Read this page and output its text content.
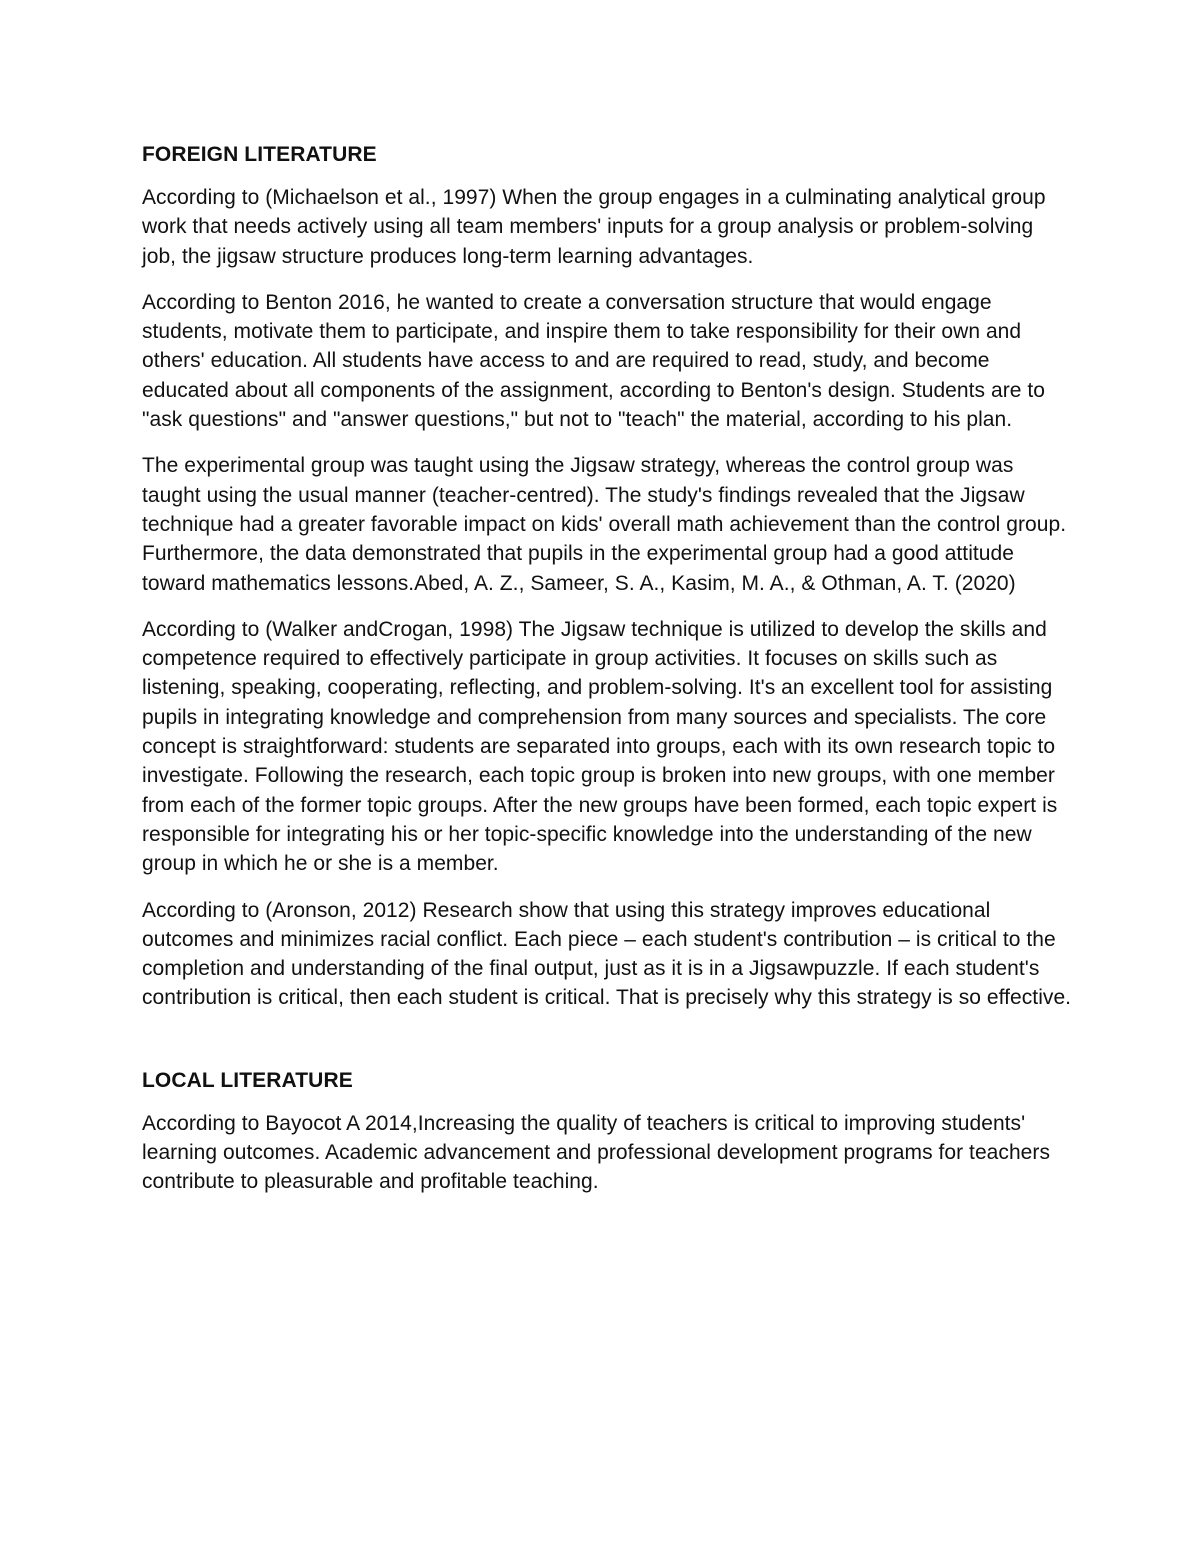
FOREIGN LITERATURE

According to (Michaelson et al., 1997) When the group engages in a culminating analytical group work that needs actively using all team members' inputs for a group analysis or problem-solving job, the jigsaw structure produces long-term learning advantages.

According to Benton 2016, he wanted to create a conversation structure that would engage students, motivate them to participate, and inspire them to take responsibility for their own and others' education. All students have access to and are required to read, study, and become educated about all components of the assignment, according to Benton's design. Students are to "ask questions" and "answer questions," but not to "teach" the material, according to his plan.

The experimental group was taught using the Jigsaw strategy, whereas the control group was taught using the usual manner (teacher-centred). The study's findings revealed that the Jigsaw technique had a greater favorable impact on kids' overall math achievement than the control group. Furthermore, the data demonstrated that pupils in the experimental group had a good attitude toward mathematics lessons.Abed, A. Z., Sameer, S. A., Kasim, M. A., & Othman, A. T. (2020)

According to (Walker andCrogan, 1998) The Jigsaw technique is utilized to develop the skills and competence required to effectively participate in group activities. It focuses on skills such as listening, speaking, cooperating, reflecting, and problem-solving. It's an excellent tool for assisting pupils in integrating knowledge and comprehension from many sources and specialists. The core concept is straightforward: students are separated into groups, each with its own research topic to investigate. Following the research, each topic group is broken into new groups, with one member from each of the former topic groups. After the new groups have been formed, each topic expert is responsible for integrating his or her topic-specific knowledge into the understanding of the new group in which he or she is a member.

According to (Aronson, 2012) Research show that using this strategy improves educational outcomes and minimizes racial conflict. Each piece – each student's contribution – is critical to the completion and understanding of the final output, just as it is in a Jigsawpuzzle. If each student's contribution is critical, then each student is critical. That is precisely why this strategy is so effective.

LOCAL LITERATURE

According to Bayocot A 2014,Increasing the quality of teachers is critical to improving students' learning outcomes. Academic advancement and professional development programs for teachers contribute to pleasurable and profitable teaching.
